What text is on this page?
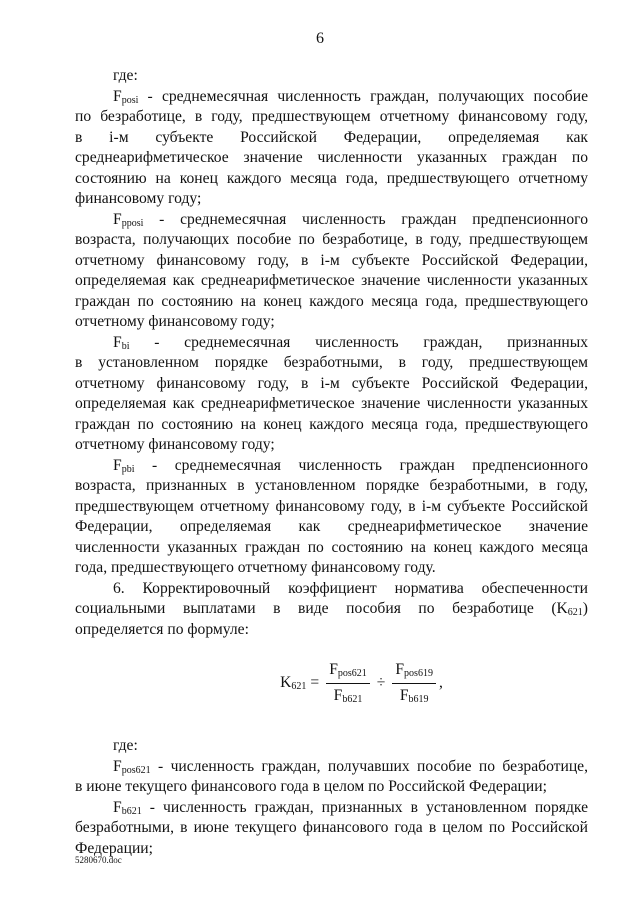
6

где:

$F_{posi}$ - среднемесячная численность граждан, получающих пособие
по безработице, в году, предшествующем отчетному финансовому году,
в i-м субъекте Российской Федерации, определяемая как
среднеарифметическое значение численности указанных граждан по
состоянию на конец каждого месяца года, предшествующего отчетному
финансовому году;
$F_{pposi}$ - среднемесячная численность граждан предпенсионного
возраста, получающих пособие по безработице, в году, предшествующем
отчетному финансовому году, в i-м субъекте Российской Федерации,
определяемая как среднеарифметическое значение численности указанных
граждан по состоянию на конец каждого месяца года, предшествующего
отчетному финансовому году;
$F_{bi}$ - среднемесячная численность граждан, признанных
в установленном порядке безработными, в году, предшествующем
отчетному финансовому году, в i-м субъекте Российской Федерации,
определяемая как среднеарифметическое значение численности указанных
граждан по состоянию на конец каждого месяца года, предшествующего
отчетному финансовому году;
$F_{pbi}$ - среднемесячная численность граждан предпенсионного
возраста, признанных в установленном порядке безработными, в году,
предшествующем отчетному финансовому году, в i-м субъекте Российской
Федерации, определяемая как среднеарифметическое значение
численности указанных граждан по состоянию на конец каждого месяца
года, предшествующего отчетному финансовому году.
6. Корректировочный коэффициент норматива обеспеченности
социальными выплатами в виде пособия по безработице $(K_{621})$
определяется по формуле:
$K_{621} = \frac{F_{pos621}}{F_{b621}} \div \frac{F_{pos619}}{F_{b619}}$ ,

где:

$F_{pos621}$ - численность граждан, получавших пособие по безработице,
в июне текущего финансового года в целом по Российской Федерации;
$F_{b621}$ - численность граждан, признанных в установленном порядке
безработными, в июне текущего финансового года в целом по Российской
Федерации;
5280670.doc
